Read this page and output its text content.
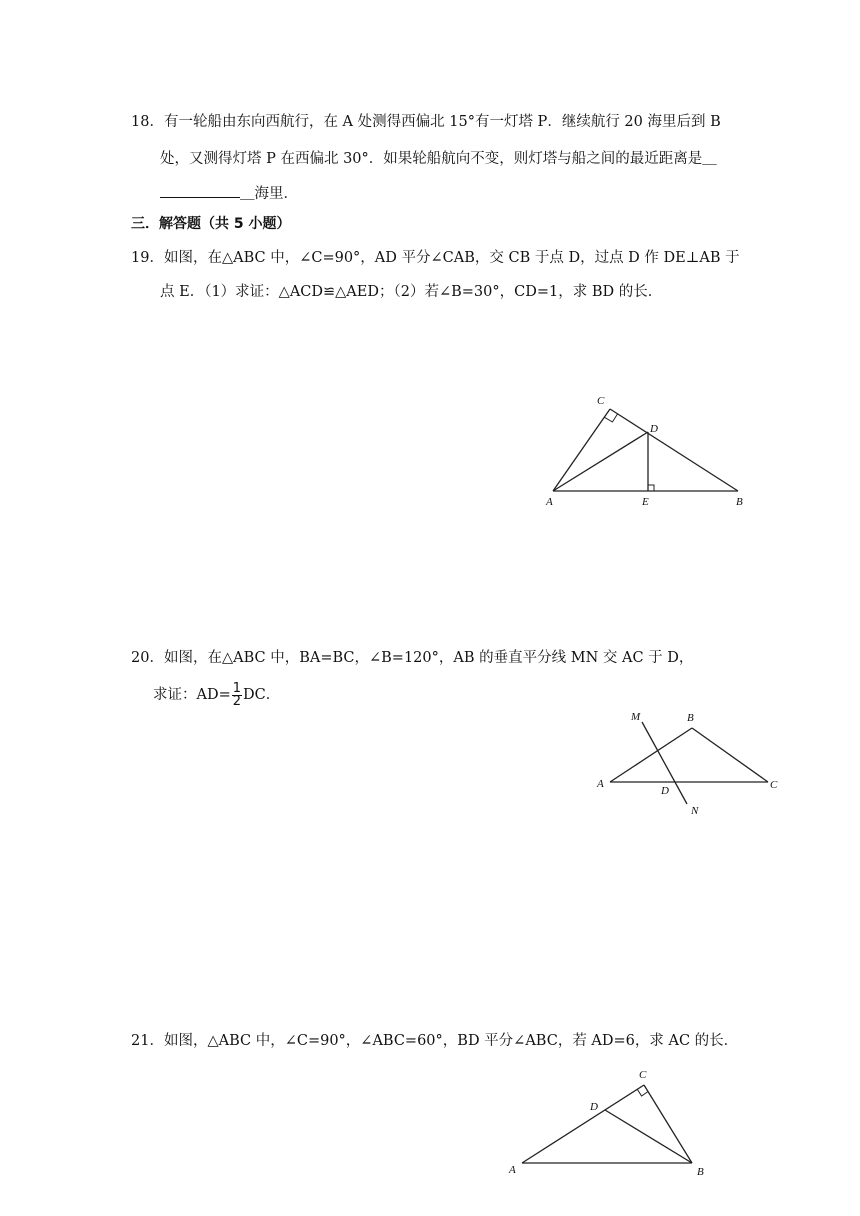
18．有一轮船由东向西航行，在 A 处测得西偏北 15°有一灯塔 P．继续航行 20 海里后到 B
处，又测得灯塔 P 在西偏北 30°．如果轮船航向不变，则灯塔与船之间的最近距离是＿
＿海里．
三．解答题（共 5 小题）
19．如图，在△ABC 中，∠C=90°，AD 平分∠CAB，交 CB 于点 D，过点 D 作 DE⊥AB 于
点 E．（1）求证：△ACD≌△AED；（2）若∠B=30°，CD=1，求 BD 的长．
C
D
A	E	B
20．如图，在△ABC 中，BA=BC，∠B=120°，AB 的垂直平分线 MN 交 AC 于 D，
求证：$AD= \frac{1}{2}$ DC．
M	B
A	C
D
N
21．如图，△ABC 中，∠C=90°，∠ABC=60°，BD 平分∠ABC，若 AD=6，求 AC 的长．
C
D
A	B
